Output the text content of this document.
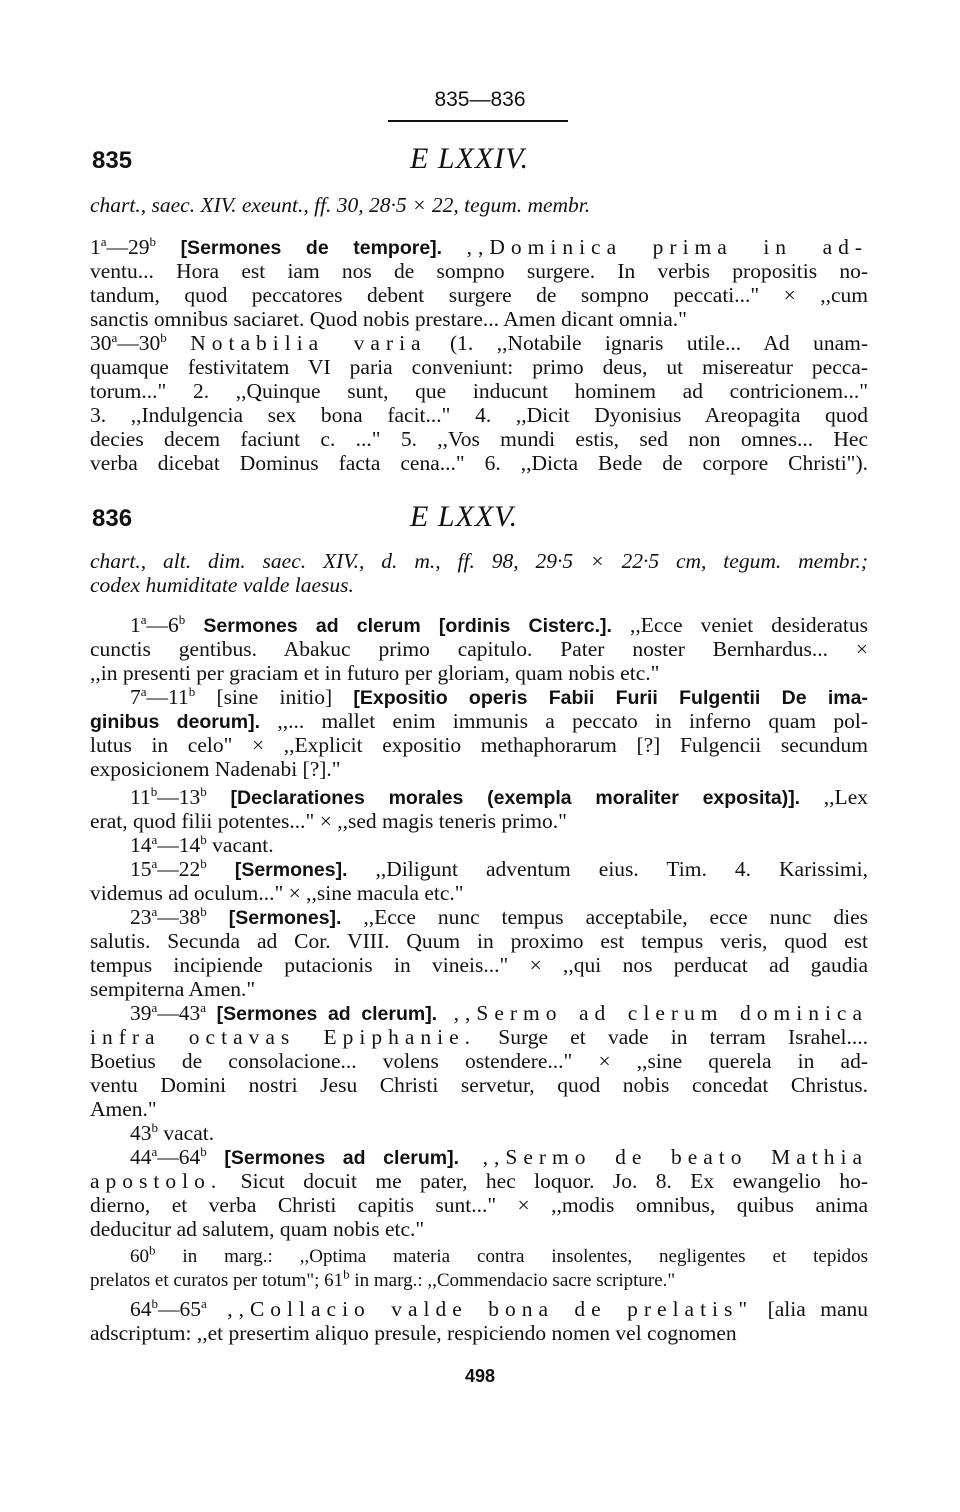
835—836
835	E LXXIV.
chart., saec. XIV. exeunt., ff. 30, 28·5 × 22, tegum. membr.
1$^a$—29$^b$ [Sermones de tempore]. ,,Dominica prima in ad-
ventu... Hora est iam nos de sompno surgere. In verbis propositis no-
tandum, quod peccatores debent surgere de sompno peccati..." × ,,cum
sanctis omnibus saciaret. Quod nobis prestare... Amen dicant omnia."
30$^a$—30$^b$ Notabilia varia (1. ,,Notabile ignaris utile... Ad unam-
quamque festivitatem VI paria conveniunt: primo deus, ut misereatur pecca-
torum..." 2. ,,Quinque sunt, que inducunt hominem ad contricionem..."
3. ,,Indulgencia sex bona facit..." 4. ,,Dicit Dyonisius Areopagita quod
decies decem faciunt c. ..." 5. ,,Vos mundi estis, sed non omnes... Hec
verba dicebat Dominus facta cena..." 6. ,,Dicta Bede de corpore Christi").
836	E LXXV.
chart., alt. dim. saec. XIV., d. m., ff. 98, 29·5 × 22·5 cm, tegum. membr.;
codex humiditate valde laesus.
1$^a$—6$^b$ Sermones ad clerum [ordinis Cisterc.]. ,,Ecce veniet desideratus
cunctis gentibus. Abakuc primo capitulo. Pater noster Bernhardus... ×
,,in presenti per graciam et in futuro per gloriam, quam nobis etc."
7$^a$—11$^b$ [sine initio] [Expositio operis Fabii Furii Fulgentii De ima-
ginibus deorum]. ,,... mallet enim immunis a peccato in inferno quam pol-
lutus in celo" × ,,Explicit expositio methaphorarum [?] Fulgencii secundum
exposicionem Nadenabi [?]."
11$^b$—13$^b$ [Declarationes morales (exempla moraliter exposita)]. ,,Lex
erat, quod filii potentes..." × ,,sed magis teneris primo."
14$^a$—14$^b$ vacant.
15$^a$—22$^b$ [Sermones]. ,,Diligunt adventum eius. Tim. 4. Karissimi,
videmus ad oculum..." × ,,sine macula etc."
23$^a$—38$^b$ [Sermones]. ,,Ecce nunc tempus acceptabile, ecce nunc dies
salutis. Secunda ad Cor. VIII. Quum in proximo est tempus veris, quod est
tempus incipiende putacionis in vineis..." × ,,qui nos perducat ad gaudia
sempiterna Amen."
39$^a$—43$^a$ [Sermones ad clerum]. ,,Sermo ad clerum dominica
infra octavas Epiphanie. Surge et vade in terram Israhel....
Boetius de consolacione... volens ostendere..." × ,,sine querela in ad-
ventu Domini nostri Jesu Christi servetur, quod nobis concedat Christus.
Amen."
43$^b$ vacat.
44$^a$—64$^b$ [Sermones ad clerum]. ,,Sermo de beato Mathia
apostolo. Sicut docuit me pater, hec loquor. Jo. 8. Ex ewangelio ho-
dierno, et verba Christi capitis sunt..." × ,,modis omnibus, quibus anima
deducitur ad salutem, quam nobis etc."
60$^b$ in marg.: ,,Optima materia contra insolentes, negligentes et tepidos
prelatos et curatos per totum"; 61$^b$ in marg.: ,,Commendacio sacre scripture."
64$^b$—65$^a$ ,,Collacio valde bona de prelatis" [alia manu
adscriptum: ,,et presertim aliquo presule, respiciendo nomen vel cognomen
498
